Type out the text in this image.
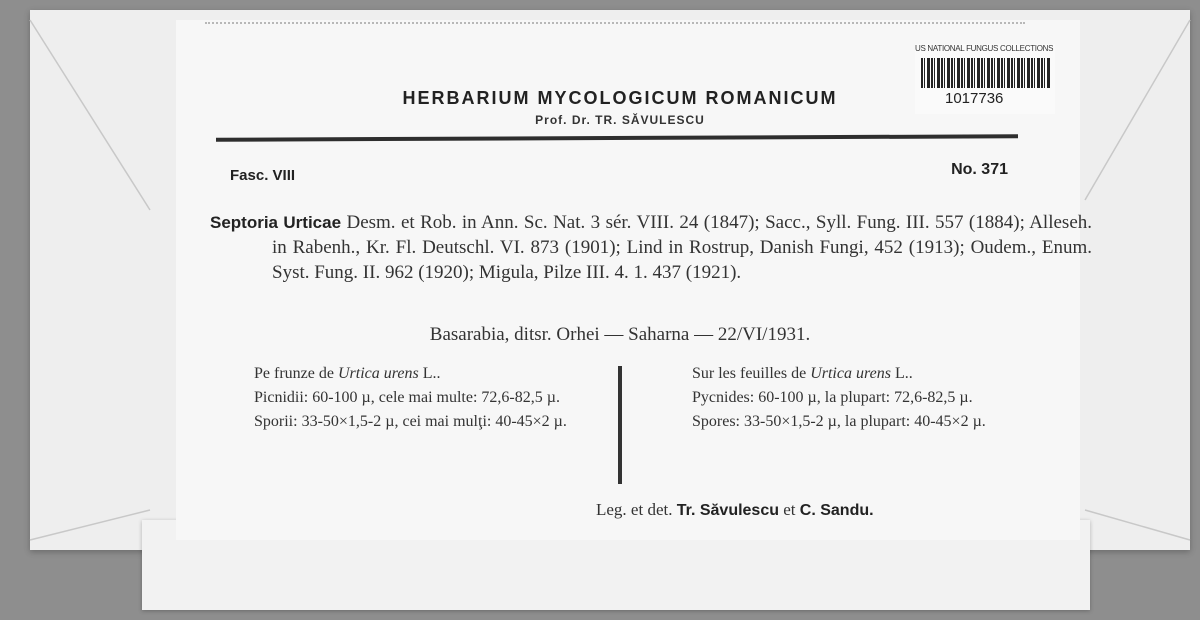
US NATIONAL FUNGUS COLLECTIONS
1017736
HERBARIUM MYCOLOGICUM ROMANICUM
Prof. Dr. TR. SĂVULESCU
Fasc. VIII	No. 371
Septoria Urticae Desm. et Rob. in Ann. Sc. Nat. 3 sér. VIII. 24 (1847); Sacc., Syll. Fung. III. 557 (1884); Alleseh. in Rabenh., Kr. Fl. Deutschl. VI. 873 (1901); Lind in Rostrup, Danish Fungi, 452 (1913); Oudem., Enum. Syst. Fung. II. 962 (1920); Migula, Pilze III. 4. 1. 437 (1921).
Basarabia, ditsr. Orhei — Saharna — 22/VI/1931.

Pe frunze de Urtica urens L..

Picnidii: 60-100 µ, cele mai multe: 72,6-82,5 µ.

Sporii: 33-50×1,5-2 µ, cei mai mulţi: 40-45×2 µ.

Sur les feuilles de Urtica urens L..

Pycnides: 60-100 µ, la plupart: 72,6-82,5 µ.

Spores: 33-50×1,5-2 µ, la plupart: 40-45×2 µ.

Leg. et det. Tr. Săvulescu et C. Sandu.
